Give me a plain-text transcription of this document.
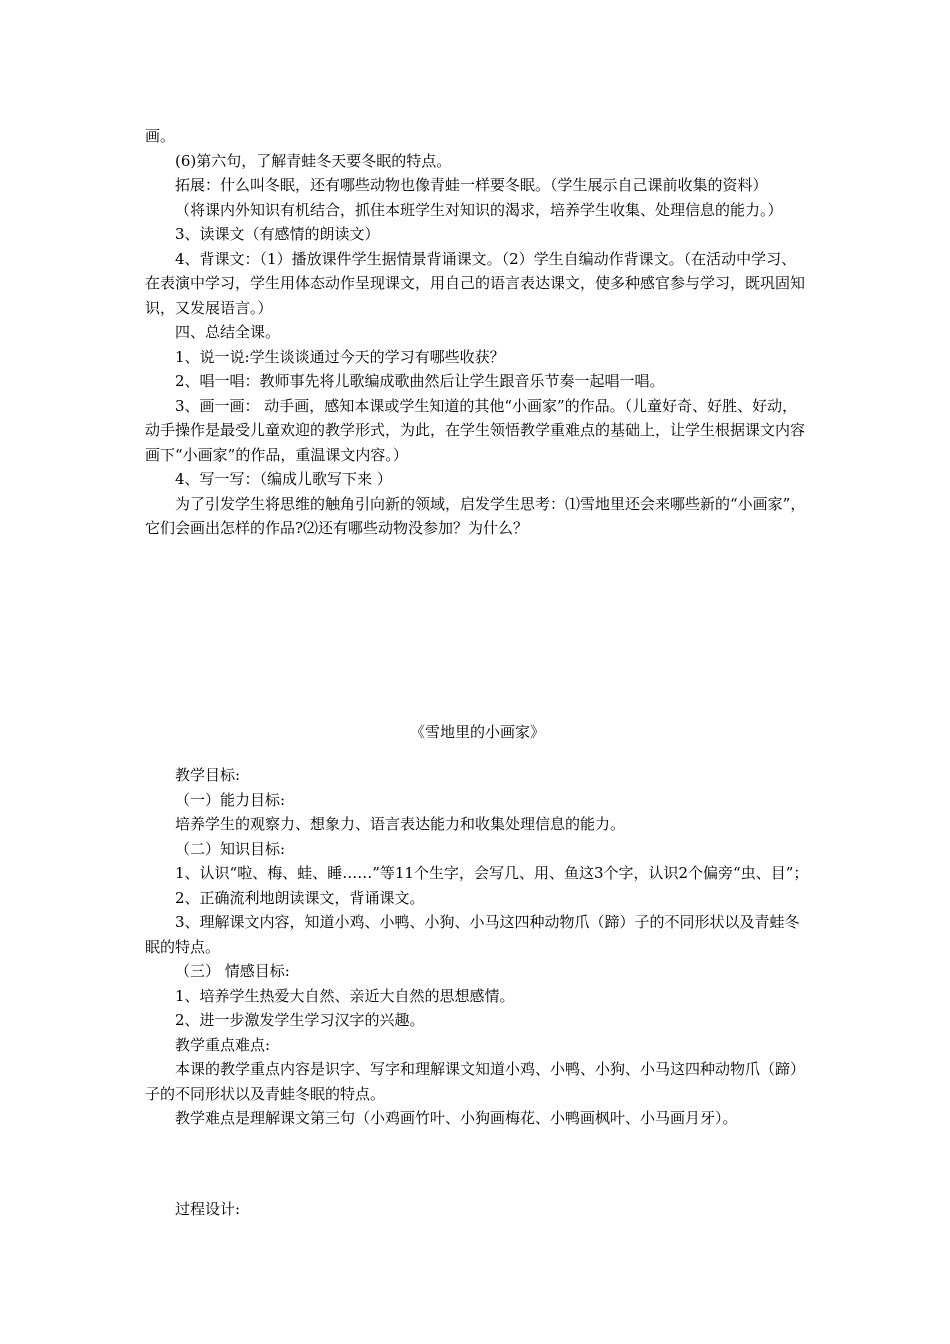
画。

(6)第六句，了解青蛙冬天要冬眠的特点。

拓展：什么叫冬眠，还有哪些动物也像青蛙一样要冬眠。（学生展示自己课前收集的资料）

（将课内外知识有机结合，抓住本班学生对知识的渴求，培养学生收集、处理信息的能力。）

3、读课文（有感情的朗读文）

4、背课文：（1）播放课件学生据情景背诵课文。（2）学生自编动作背课文。（在活动中学习、在表演中学习，学生用体态动作呈现课文，用自己的语言表达课文，使多种感官参与学习，既巩固知识，又发展语言。）

四、总结全课。

1、说一说:学生谈谈通过今天的学习有哪些收获？

2、唱一唱：教师事先将儿歌编成歌曲然后让学生跟音乐节奏一起唱一唱。

3、画一画： 动手画，感知本课或学生知道的其他“小画家”的作品。（儿童好奇、好胜、好动，动手操作是最受儿童欢迎的教学形式，为此，在学生领悟教学重难点的基础上，让学生根据课文内容画下“小画家”的作品，重温课文内容。）

4、写一写：（编成儿歌写下来 ）

为了引发学生将思维的触角引向新的领域，启发学生思考：⑴雪地里还会来哪些新的“小画家”，它们会画出怎样的作品?⑵还有哪些动物没参加？为什么？

《雪地里的小画家》

教学目标:

（一）能力目标:

培养学生的观察力、想象力、语言表达能力和收集处理信息的能力。

（二）知识目标:

1、认识“啦、梅、蛙、睡……”等11个生字，会写几、用、鱼这3个字，认识2个偏旁“虫、目”；

2、正确流利地朗读课文，背诵课文。

3、理解课文内容，知道小鸡、小鸭、小狗、小马这四种动物爪（蹄）子的不同形状以及青蛙冬眠的特点。

（三） 情感目标:

1、培养学生热爱大自然、亲近大自然的思想感情。

2、进一步激发学生学习汉字的兴趣。

教学重点难点:

本课的教学重点内容是识字、写字和理解课文知道小鸡、小鸭、小狗、小马这四种动物爪（蹄）子的不同形状以及青蛙冬眠的特点。

教学难点是理解课文第三句（小鸡画竹叶、小狗画梅花、小鸭画枫叶、小马画月牙）。

过程设计:
